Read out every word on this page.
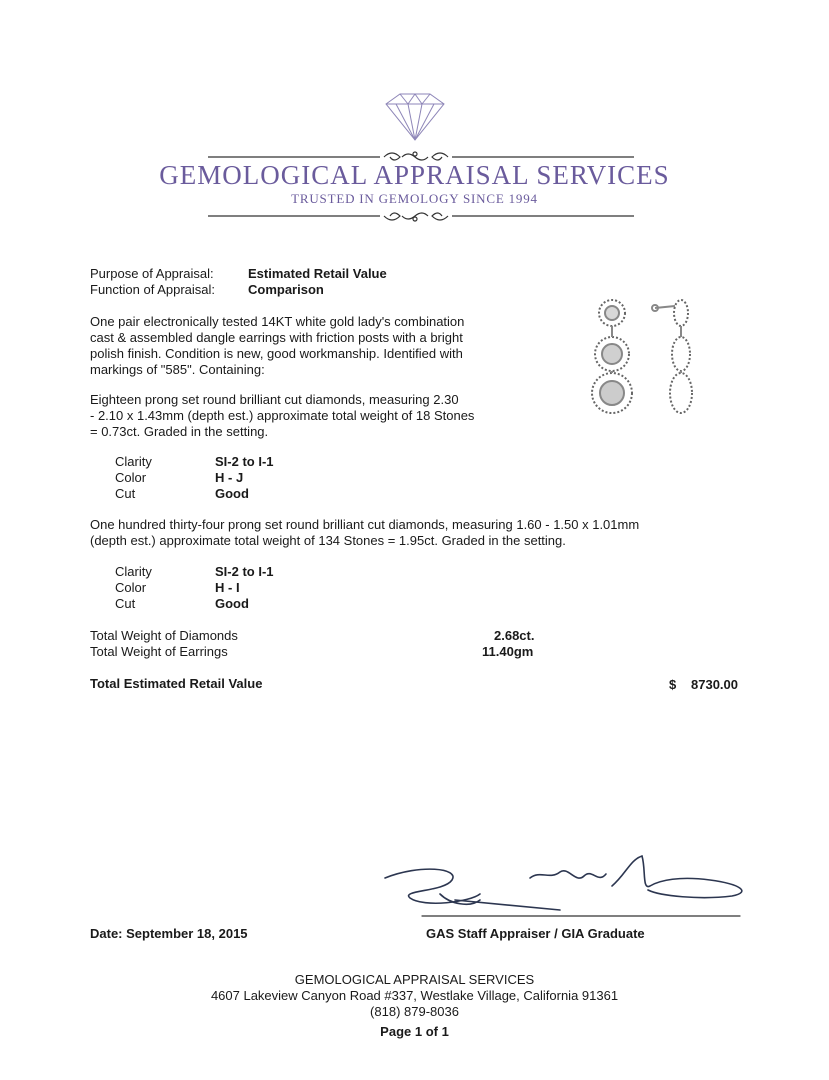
GEMOLOGICAL APPRAISAL SERVICES
TRUSTED IN GEMOLOGY SINCE 1994
Purpose of Appraisal:	Estimated Retail Value
Function of Appraisal:	Comparison
One pair electronically tested 14KT white gold lady's combination
cast & assembled dangle earrings with friction posts with a bright
polish finish. Condition is new, good workmanship. Identified with
markings of "585". Containing:
Eighteen prong set round brilliant cut diamonds, measuring 2.30
- 2.10 x 1.43mm (depth est.) approximate total weight of 18 Stones
= 0.73ct. Graded in the setting.
Clarity	SI-2 to I-1
Color	H - J
Cut	Good
One hundred thirty-four prong set round brilliant cut diamonds, measuring 1.60 - 1.50 x 1.01mm
(depth est.) approximate total weight of 134 Stones = 1.95ct. Graded in the setting.
Clarity	SI-2 to I-1
Color	H - I
Cut	Good
Total Weight of Diamonds	2.68ct.
Total Weight of Earrings	11.40gm
Total Estimated Retail Value	$ 8730.00
Date: September 18, 2015	GAS Staff Appraiser / GIA Graduate
GEMOLOGICAL APPRAISAL SERVICES
4607 Lakeview Canyon Road #337, Westlake Village, California 91361
(818) 879-8036
Page 1 of 1
